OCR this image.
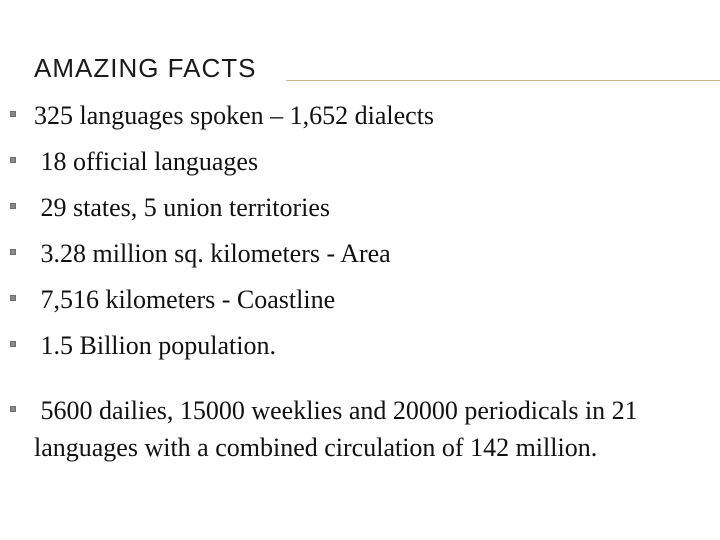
AMAZING FACTS
325 languages spoken – 1,652 dialects
18 official languages
29 states, 5 union territories
3.28 million sq. kilometers - Area
7,516 kilometers - Coastline
1.5 Billion population.
5600 dailies, 15000 weeklies and 20000 periodicals in 21 languages with a combined circulation of 142 million.
